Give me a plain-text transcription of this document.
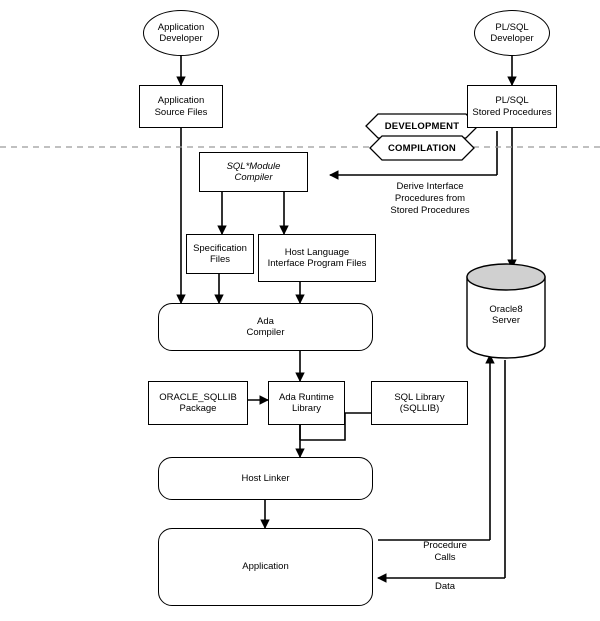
Application
Developer
PL/SQL
Developer
Application
Source Files
PL/SQL
Stored Procedures
DEVELOPMENT
COMPILATION
SQL*Module
Compiler
Derive Interface
Procedures from
Stored Procedures
Specification
Files
Host Language
Interface Program Files
Ada
Compiler
ORACLE_SQLLIB
Package
Ada Runtime
Library
SQL Library
(SQLLIB)
Host Linker
Application
Oracle8
Server
Procedure
Calls
Data
